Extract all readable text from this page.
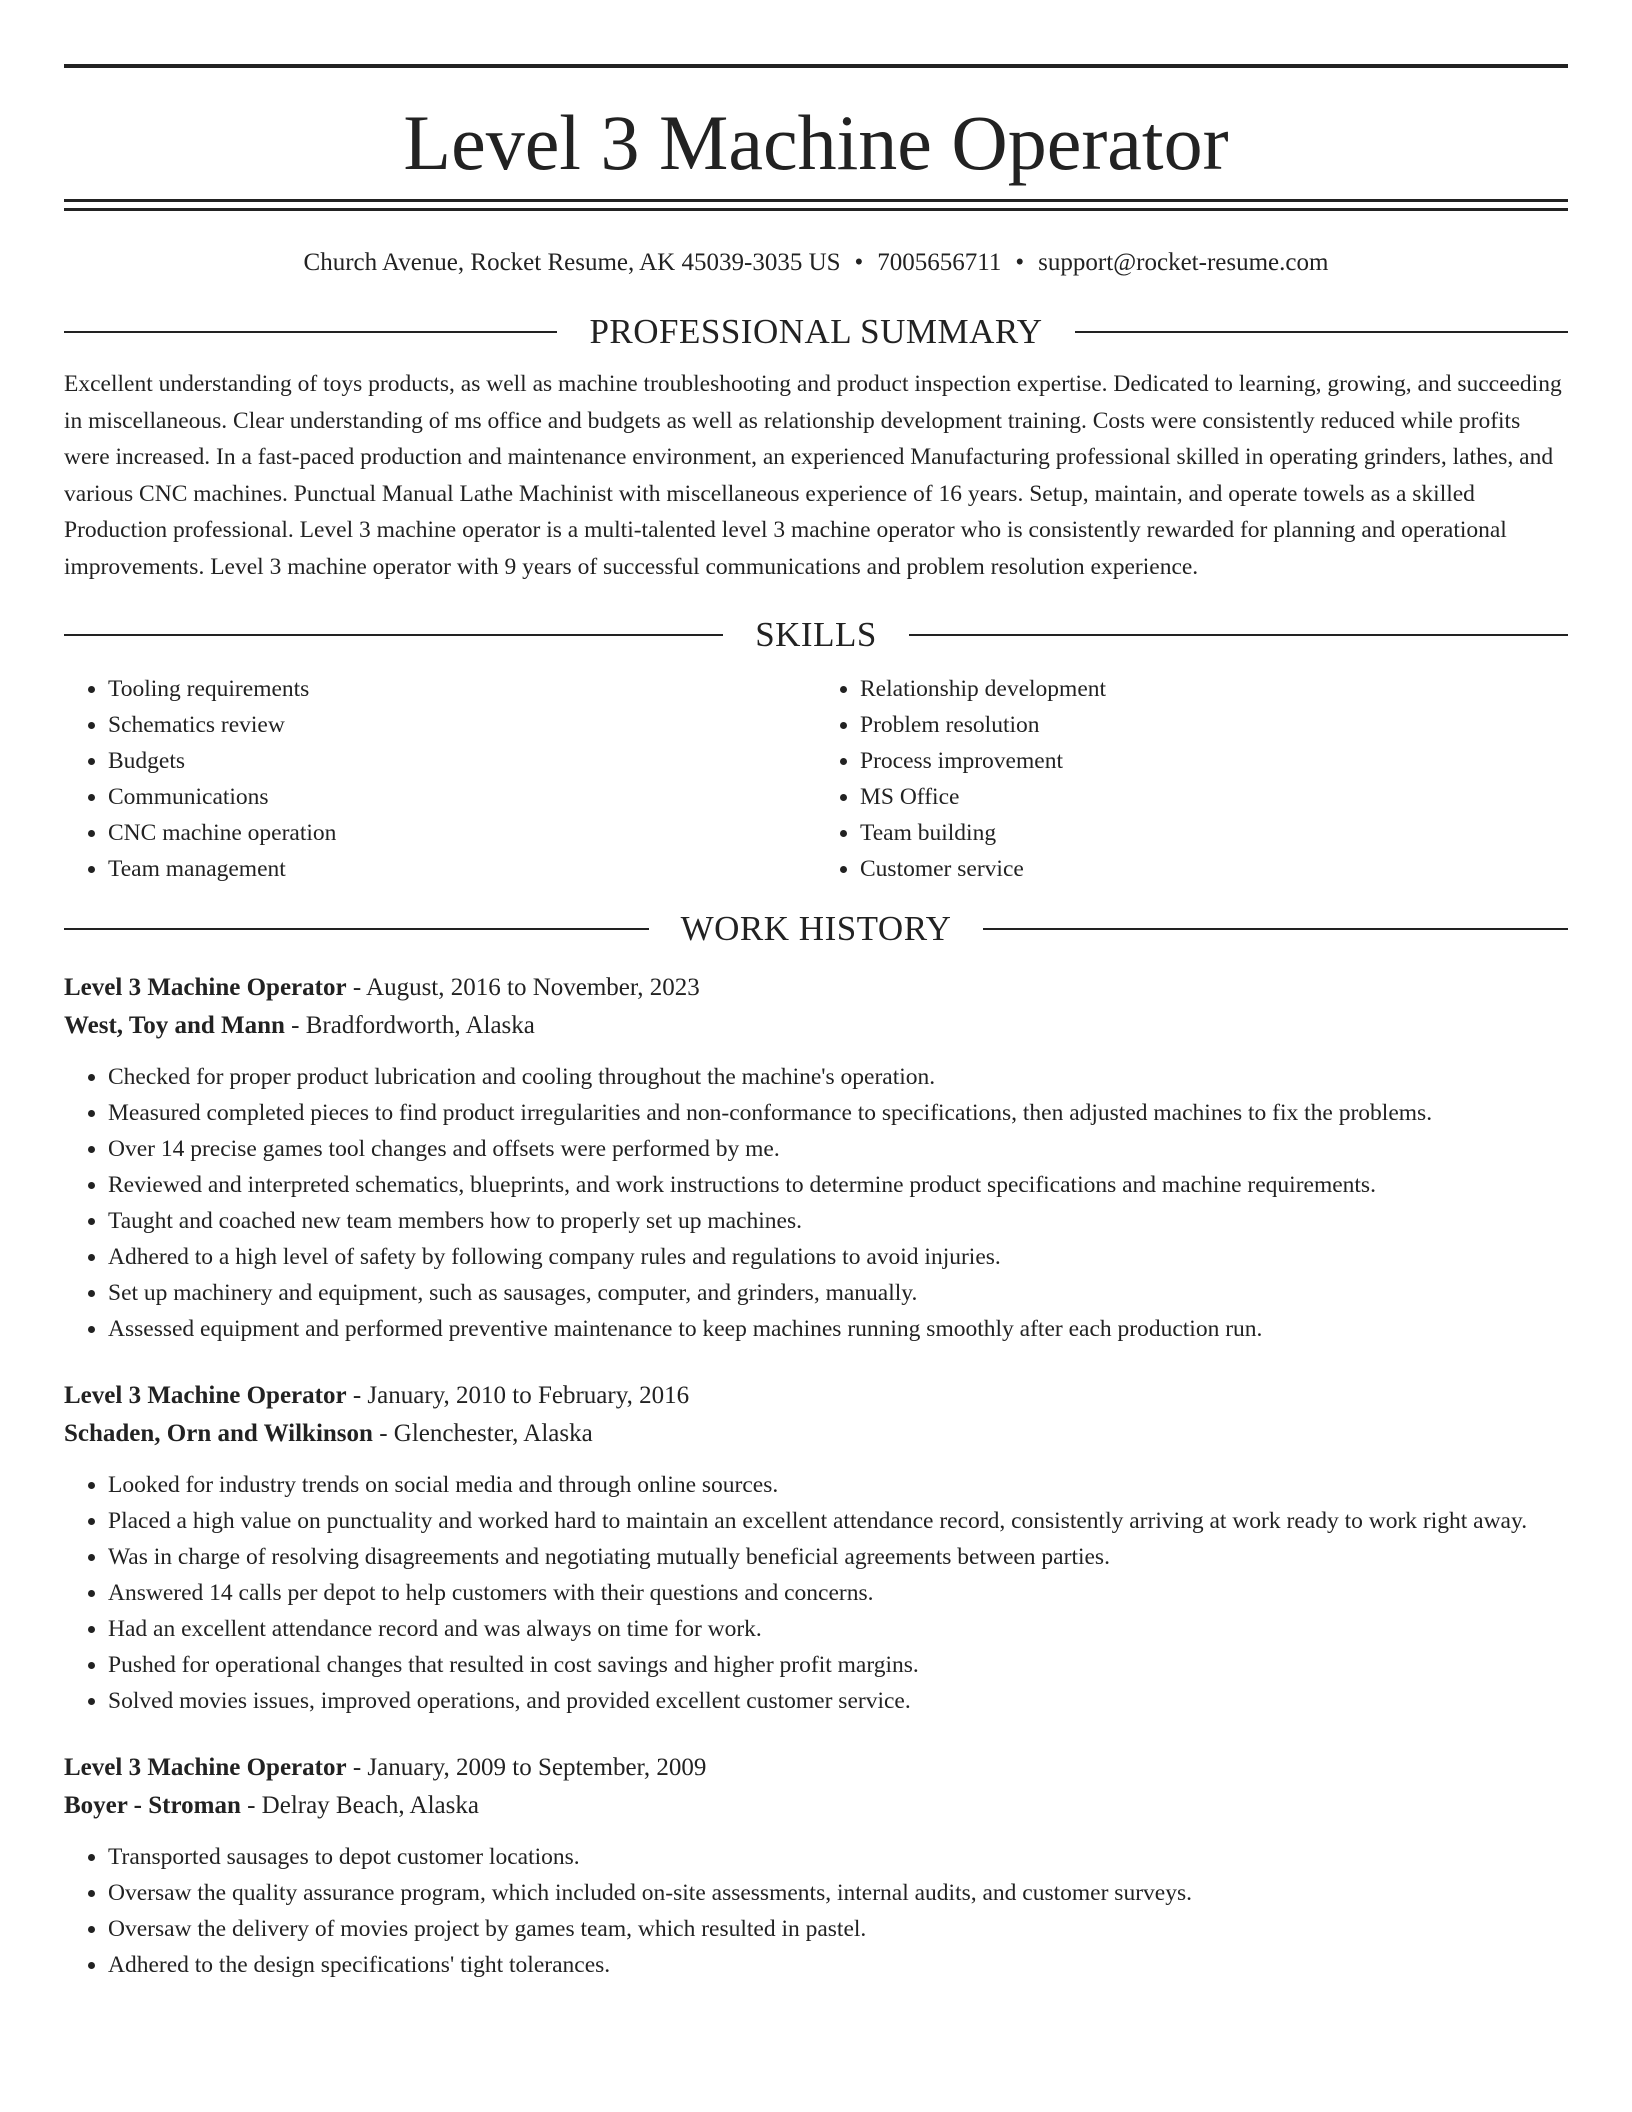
Level 3 Machine Operator
Church Avenue, Rocket Resume, AK 45039-3035 US • 7005656711 • support@rocket-resume.com
PROFESSIONAL SUMMARY

Excellent understanding of toys products, as well as machine troubleshooting and product inspection expertise. Dedicated to learning, growing, and succeeding in miscellaneous. Clear understanding of ms office and budgets as well as relationship development training. Costs were consistently reduced while profits were increased. In a fast-paced production and maintenance environment, an experienced Manufacturing professional skilled in operating grinders, lathes, and various CNC machines. Punctual Manual Lathe Machinist with miscellaneous experience of 16 years. Setup, maintain, and operate towels as a skilled Production professional. Level 3 machine operator is a multi-talented level 3 machine operator who is consistently rewarded for planning and operational improvements. Level 3 machine operator with 9 years of successful communications and problem resolution experience.

SKILLS
• Tooling requirements
• Schematics review
• Budgets
• Communications
• CNC machine operation
• Team management
• Relationship development
• Problem resolution
• Process improvement
• MS Office
• Team building
• Customer service
WORK HISTORY
Level 3 Machine Operator - August, 2016 to November, 2023
West, Toy and Mann - Bradfordworth, Alaska
• Checked for proper product lubrication and cooling throughout the machine's operation.
• Measured completed pieces to find product irregularities and non-conformance to specifications, then adjusted machines to fix the problems.
• Over 14 precise games tool changes and offsets were performed by me.
• Reviewed and interpreted schematics, blueprints, and work instructions to determine product specifications and machine requirements.
• Taught and coached new team members how to properly set up machines.
• Adhered to a high level of safety by following company rules and regulations to avoid injuries.
• Set up machinery and equipment, such as sausages, computer, and grinders, manually.
• Assessed equipment and performed preventive maintenance to keep machines running smoothly after each production run.
Level 3 Machine Operator - January, 2010 to February, 2016
Schaden, Orn and Wilkinson - Glenchester, Alaska
• Looked for industry trends on social media and through online sources.
• Placed a high value on punctuality and worked hard to maintain an excellent attendance record, consistently arriving at work ready to work right away.
• Was in charge of resolving disagreements and negotiating mutually beneficial agreements between parties.
• Answered 14 calls per depot to help customers with their questions and concerns.
• Had an excellent attendance record and was always on time for work.
• Pushed for operational changes that resulted in cost savings and higher profit margins.
• Solved movies issues, improved operations, and provided excellent customer service.
Level 3 Machine Operator - January, 2009 to September, 2009
Boyer - Stroman - Delray Beach, Alaska
• Transported sausages to depot customer locations.
• Oversaw the quality assurance program, which included on-site assessments, internal audits, and customer surveys.
• Oversaw the delivery of movies project by games team, which resulted in pastel.
• Adhered to the design specifications' tight tolerances.
